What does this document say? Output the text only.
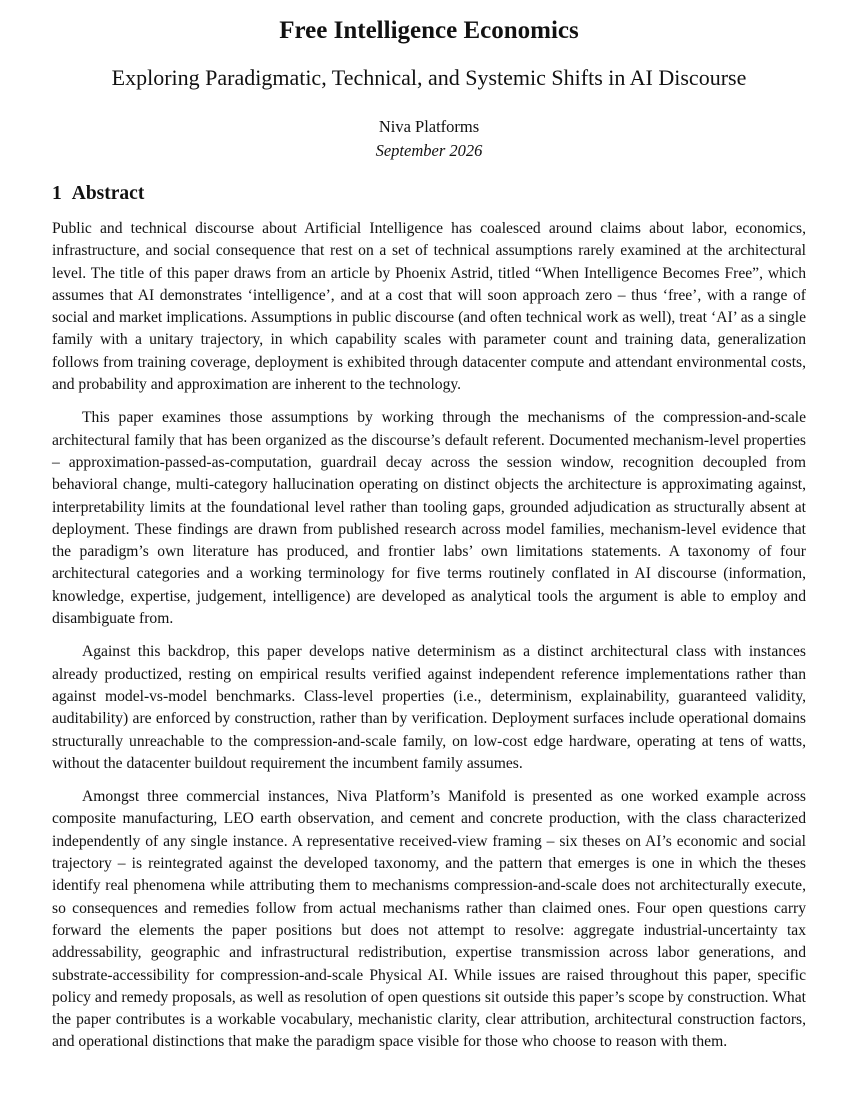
Free Intelligence Economics
Exploring Paradigmatic, Technical, and Systemic Shifts in AI Discourse

Niva Platforms

September 2026

1 Abstract

Public and technical discourse about Artificial Intelligence has coalesced around claims about labor, economics, infrastructure, and social consequence that rest on a set of technical assumptions rarely examined at the architectural level. The title of this paper draws from an article by Phoenix Astrid, titled “When Intelligence Becomes Free”, which assumes that AI demonstrates ‘intelligence’, and at a cost that will soon approach zero – thus ‘free’, with a range of social and market implications. Assumptions in public discourse (and often technical work as well), treat ‘AI’ as a single family with a unitary trajectory, in which capability scales with parameter count and training data, generalization follows from training coverage, deployment is exhibited through datacenter compute and attendant environmental costs, and probability and approximation are inherent to the technology.

This paper examines those assumptions by working through the mechanisms of the compression-and-scale architectural family that has been organized as the discourse’s default referent. Documented mechanism-level properties – approximation-passed-as-computation, guardrail decay across the session window, recognition decoupled from behavioral change, multi-category hallucination operating on distinct objects the architecture is approximating against, interpretability limits at the foundational level rather than tooling gaps, grounded adjudication as structurally absent at deployment. These findings are drawn from published research across model families, mechanism-level evidence that the paradigm’s own literature has produced, and frontier labs’ own limitations statements. A taxonomy of four architectural categories and a working terminology for five terms routinely conflated in AI discourse (information, knowledge, expertise, judgement, intelligence) are developed as analytical tools the argument is able to employ and disambiguate from.

Against this backdrop, this paper develops native determinism as a distinct architectural class with instances already productized, resting on empirical results verified against independent reference implementations rather than against model-vs-model benchmarks. Class-level properties (i.e., determinism, explainability, guaranteed validity, auditability) are enforced by construction, rather than by verification. Deployment surfaces include operational domains structurally unreachable to the compression-and-scale family, on low-cost edge hardware, operating at tens of watts, without the datacenter buildout requirement the incumbent family assumes.

Amongst three commercial instances, Niva Platform’s Manifold is presented as one worked example across composite manufacturing, LEO earth observation, and cement and concrete production, with the class characterized independently of any single instance. A representative received-view framing – six theses on AI’s economic and social trajectory – is reintegrated against the developed taxonomy, and the pattern that emerges is one in which the theses identify real phenomena while attributing them to mechanisms compression-and-scale does not architecturally execute, so consequences and remedies follow from actual mechanisms rather than claimed ones. Four open questions carry forward the elements the paper positions but does not attempt to resolve: aggregate industrial-uncertainty tax addressability, geographic and infrastructural redistribution, expertise transmission across labor generations, and substrate-accessibility for compression-and-scale Physical AI. While issues are raised throughout this paper, specific policy and remedy proposals, as well as resolution of open questions sit outside this paper’s scope by construction. What the paper contributes is a workable vocabulary, mechanistic clarity, clear attribution, architectural construction factors, and operational distinctions that make the paradigm space visible for those who choose to reason with them.
